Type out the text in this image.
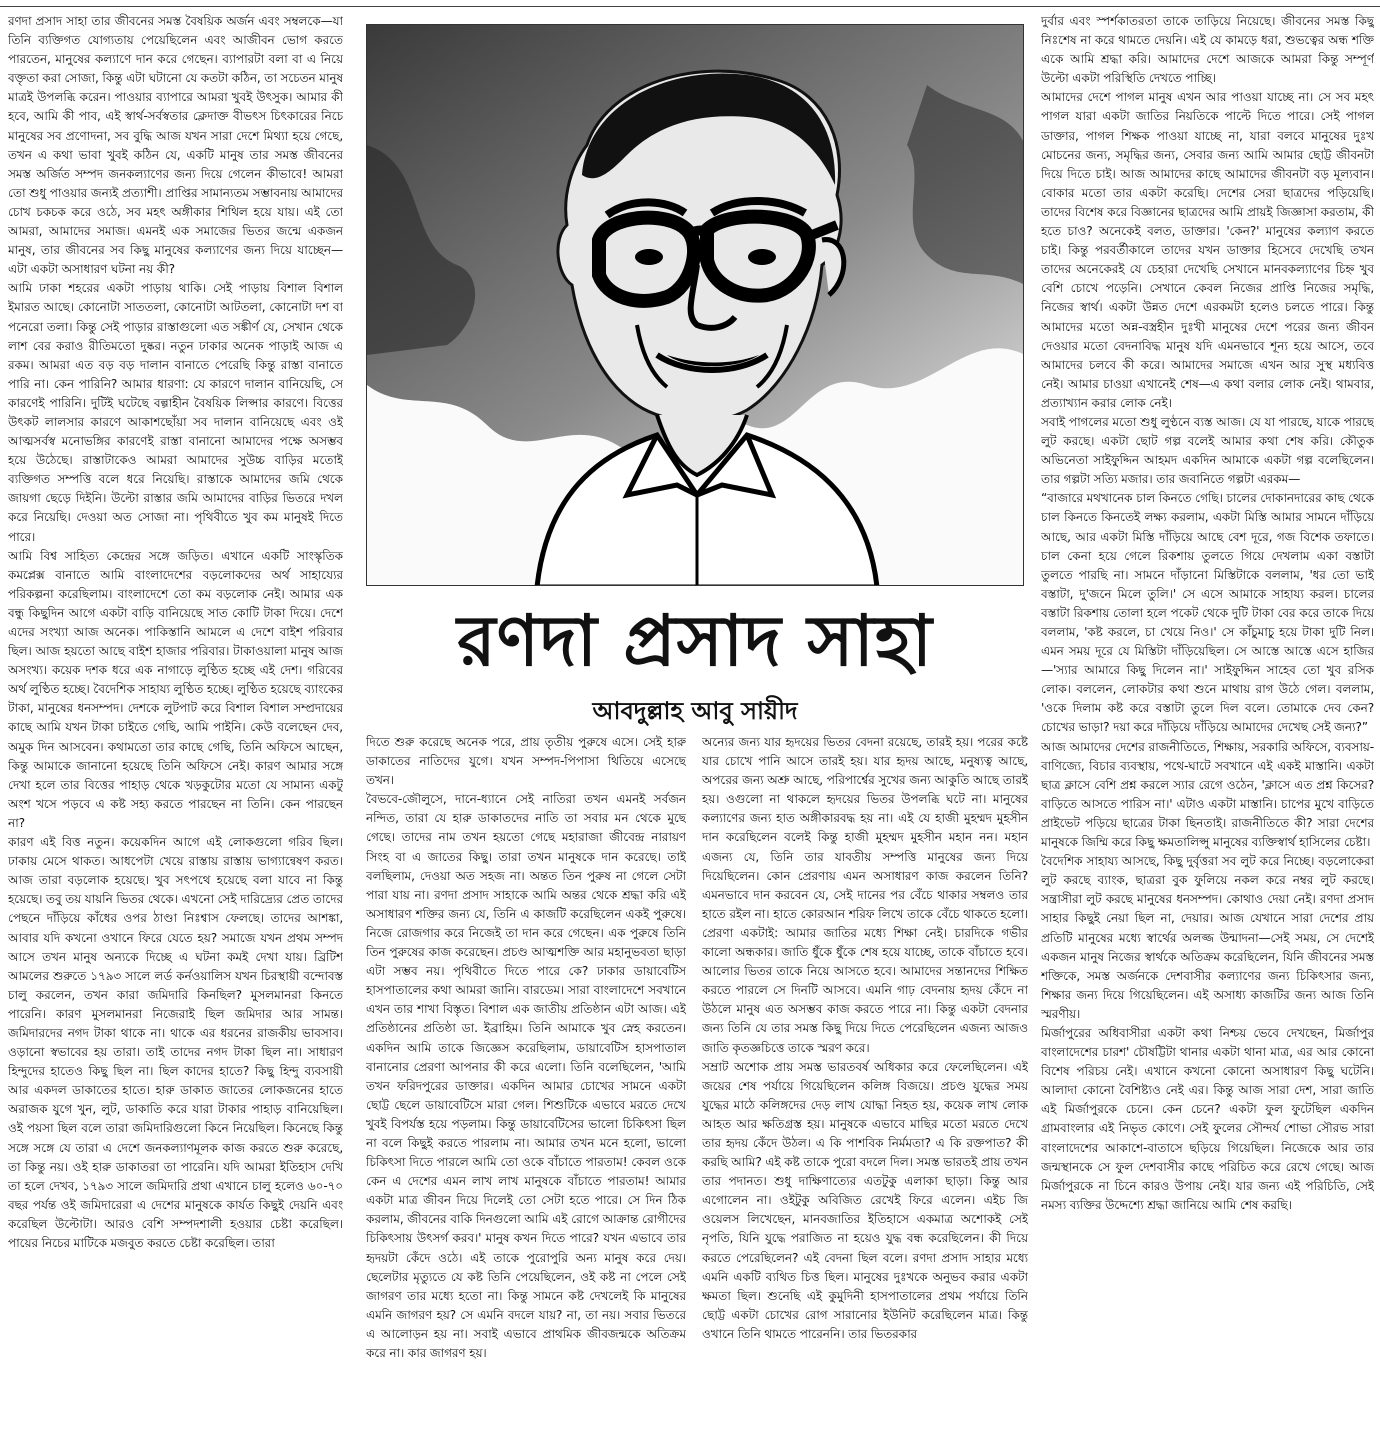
রণদা প্রসাদ সাহা তার জীবনের সমস্ত বৈষয়িক অর্জন এবং সম্বলকে—যা তিনি ব্যক্তিগত যোগ্যতায় পেয়েছিলেন এবং আজীবন ভোগ করতে পারতেন, মানুষের কল্যাণে দান করে গেছেন। ব্যাপারটা বলা বা এ নিয়ে বক্তৃতা করা সোজা, কিন্তু এটা ঘটানো যে কতটা কঠিন, তা সচেতন মানুষ মাত্রই উপলব্ধি করেন। পাওয়ার ব্যাপারে আমরা খুবই উৎসুক। আমার কী হবে, আমি কী পাব, এই স্বার্থ-সর্বস্বতার ক্লেদাক্ত বীভৎস চিৎকারের নিচে মানুষের সব প্রণোদনা, সব বুদ্ধি আজ যখন সারা দেশে মিথ্যা হয়ে গেছে, তখন এ কথা ভাবা খুবই কঠিন যে, একটি মানুষ তার সমস্ত জীবনের সমস্ত অর্জিত সম্পদ জনকল্যাণের জন্য দিয়ে গেলেন কীভাবে! আমরা তো শুধু পাওয়ার জন্যই প্রত্যাশী। প্রাপ্তির সামান্যতম সম্ভাবনায় আমাদের চোখ চকচক করে ওঠে, সব মহৎ অঙ্গীকার শিথিল হয়ে যায়। এই তো আমরা, আমাদের সমাজ। এমনই এক সমাজের ভিতর জন্মে একজন মানুষ, তার জীবনের সব কিছু মানুষের কল্যাণের জন্য দিয়ে যাচ্ছেন—এটা একটা অসাধারণ ঘটনা নয় কী?
আমি ঢাকা শহরের একটা পাড়ায় থাকি। সেই পাড়ায় বিশাল বিশাল ইমারত আছে। কোনোটা সাততলা, কোনোটা আটতলা, কোনোটা দশ বা পনেরো তলা। কিন্তু সেই পাড়ার রাস্তাগুলো এত সঙ্কীর্ণ যে, সেখান থেকে লাশ বের করাও রীতিমতো দুষ্কর। নতুন ঢাকার অনেক পাড়াই আজ এ রকম। আমরা এত বড় বড় দালান বানাতে পেরেছি কিন্তু রাস্তা বানাতে পারি না। কেন পারিনি? আমার ধারণা: যে কারণে দালান বানিয়েছি, সে কারণেই পারিনি। দুটিই ঘটেছে বল্গাহীন বৈষয়িক লিপ্সার কারণে। বিত্তের উৎকট লালসার কারণে আকাশছোঁয়া সব দালান বানিয়েছে এবং ওই আত্মসর্বস্ব মনোভঙ্গির কারণেই রাস্তা বানানো আমাদের পক্ষে অসম্ভব হয়ে উঠেছে। রাস্তাটাকেও আমরা আমাদের সুউচ্চ বাড়ির মতোই ব্যক্তিগত সম্পত্তি বলে ধরে নিয়েছি। রাস্তাকে আমাদের জমি থেকে জায়গা ছেড়ে দিইনি। উল্টো রাস্তার জমি আমাদের বাড়ির ভিতরে দখল করে নিয়েছি। দেওয়া অত সোজা না। পৃথিবীতে খুব কম মানুষই দিতে পারে।
আমি বিশ্ব সাহিত্য কেন্দ্রের সঙ্গে জড়িত। এখানে একটি সাংস্কৃতিক কমপ্লেক্স বানাতে আমি বাংলাদেশের বড়লোকদের অর্থ সাহায্যের পরিকল্পনা করেছিলাম। বাংলাদেশে তো কম বড়লোক নেই। আমার এক বন্ধু কিছুদিন আগে একটা বাড়ি বানিয়েছে সাত কোটি টাকা দিয়ে। দেশে এদের সংখ্যা আজ অনেক। পাকিস্তানি আমলে এ দেশে বাইশ পরিবার ছিল। আজ হয়তো আছে বাইশ হাজার পরিবার। টাকাওয়ালা মানুষ আজ অসংখ্য। কয়েক দশক ধরে এক নাগাড়ে লুণ্ঠিত হচ্ছে এই দেশ। গরিবের অর্থ লুণ্ঠিত হচ্ছে। বৈদেশিক সাহায্য লুণ্ঠিত হচ্ছে। লুণ্ঠিত হয়েছে ব্যাংকের টাকা, মানুষের ধনসম্পদ। দেশকে লুটপাট করে বিশাল বিশাল সম্প্রদায়ের কাছে আমি যখন টাকা চাইতে গেছি, আমি পাইনি। কেউ বলেছেন দেব, অমুক দিন আসবেন। কথামতো তার কাছে গেছি, তিনি অফিসে আছেন, কিন্তু আমাকে জানানো হয়েছে তিনি অফিসে নেই। কারণ আমার সঙ্গে দেখা হলে তার বিত্তের পাহাড় থেকে খড়কুটোর মতো যে সামান্য একটু অংশ খসে পড়বে এ কষ্ট সহ্য করতে পারছেন না তিনি। কেন পারছেন না?
কারণ এই বিত্ত নতুন। কয়েকদিন আগে এই লোকগুলো গরিব ছিল। ঢাকায় মেসে থাকত। আধপেটা খেয়ে রাস্তায় রাস্তায় ভাগ্যান্বেষণ করত। আজ তারা বড়লোক হয়েছে। খুব সৎপথে হয়েছে বলা যাবে না কিন্তু হয়েছে। তবু তয় যায়নি ভিতর থেকে। এখনো সেই দারিদ্র্যের প্রেত তাদের পেছনে দাঁড়িয়ে কাঁধের ওপর ঠাণ্ডা নিঃশ্বাস ফেলছে। তাদের আশঙ্কা, আবার যদি কখনো ওখানে ফিরে যেতে হয়? সমাজে যখন প্রথম সম্পদ আসে তখন মানুষ অন্যকে দিচ্ছে এ ঘটনা কমই দেখা যায়। ব্রিটিশ আমলের শুরুতে ১৭৯৩ সালে লর্ড কর্নওয়ালিস যখন চিরস্থায়ী বন্দোবস্ত চালু করলেন, তখন কারা জমিদারি কিনছিল? মুসলমানরা কিনতে পারেনি। কারণ মুসলমানরা নিজেরাই ছিল জমিদার আর সামন্ত। জমিদারদের নগদ টাকা থাকে না। থাকে এর ধরনের রাজকীয় ভাবসাব। ওড়ানো স্বভাবের হয় তারা। তাই তাদের নগদ টাকা ছিল না। সাধারণ হিন্দুদের হাতেও কিছু ছিল না। ছিল কাদের হাতে? কিছু হিন্দু ব্যবসায়ী আর একদল ডাকাতের হাতে। হারু ডাকাত জাতের লোকজনের হাতে অরাজক যুগে খুন, লুট, ডাকাতি করে যারা টাকার পাহাড় বানিয়েছিল। ওই পয়সা ছিল বলে তারা জমিদারিগুলো কিনে নিয়েছিল। কিনেছে কিন্তু সঙ্গে সঙ্গে যে তারা এ দেশে জনকল্যাণমূলক কাজ করতে শুরু করেছে, তা কিন্তু নয়। ওই হারু ডাকাতরা তা পারেনি। যদি আমরা ইতিহাস দেখি তা হলে দেখব, ১৭৯৩ সালে জমিদারি প্রথা এখানে চালু হলেও ৬০-৭০ বছর পর্যন্ত ওই জমিদারেরা এ দেশের মানুষকে কার্যত কিছুই দেয়নি এবং করেছিল উল্টোটা। আরও বেশি সম্পদশালী হওয়ার চেষ্টা করেছিল। পায়ের নিচের মাটিকে মজবুত করতে চেষ্টা করেছিল। তারা

রণদা প্রসাদ সাহা
আবদুল্লাহ আবু সায়ীদ

দিতে শুরু করেছে অনেক পরে, প্রায় তৃতীয় পুরুষে এসে। সেই হারু ডাকাতের নাতিদের যুগে। যখন সম্পদ-পিপাসা থিতিয়ে এসেছে তখন।
বৈভবে-জৌলুসে, দানে-ধ্যানে সেই নাতিরা তখন এমনই সর্বজন নন্দিত, তারা যে হারু ডাকাতদের নাতি তা সবার মন থেকে মুছে গেছে। তাদের নাম তখন হয়তো গেছে মহারাজা জীবেন্দ্র নারায়ণ সিংহ বা এ জাতের কিছু। তারা তখন মানুষকে দান করেছে। তাই বলছিলাম, দেওয়া অত সহজ না। অন্তত তিন পুরুষ না গেলে সেটা পারা যায় না। রণদা প্রসাদ সাহাকে আমি অন্তর থেকে শ্রদ্ধা করি এই অসাধারণ শক্তির জন্য যে, তিনি এ কাজটি করেছিলেন একই পুরুষে। নিজে রোজগার করে নিজেই তা দান করে গেছেন। এক পুরুষে তিনি তিন পুরুষের কাজ করেছেন। প্রচণ্ড আত্মশক্তি আর মহানুভবতা ছাড়া এটা সম্ভব নয়। পৃথিবীতে দিতে পারে কে? ঢাকার ডায়াবেটিস হাসপাতালের কথা আমরা জানি। বারডেম। সারা বাংলাদেশে সবখানে এখন তার শাখা বিস্তৃত। বিশাল এক জাতীয় প্রতিষ্ঠান এটা আজ। এই প্রতিষ্ঠানের প্রতিষ্ঠা ডা. ইব্রাহিম। তিনি আমাকে খুব স্নেহ করতেন। একদিন আমি তাকে জিজ্ঞেস করেছিলাম, ডায়াবেটিস হাসপাতাল বানানোর প্রেরণা আপনার কী করে এলো। তিনি বলেছিলেন, 'আমি তখন ফরিদপুরের ডাক্তার। একদিন আমার চোখের সামনে একটা ছোট্ট ছেলে ডায়াবেটিসে মারা গেল। শিশুটিকে এভাবে মরতে দেখে খুবই বিপর্যস্ত হয়ে পড়লাম। কিন্তু ডায়াবেটিসের ভালো চিকিৎসা ছিল না বলে কিছুই করতে পারলাম না। আমার তখন মনে হলো, ভালো চিকিৎসা দিতে পারলে আমি তো ওকে বাঁচাতে পারতাম! কেবল ওকে কেন এ দেশের এমন লাখ লাখ মানুষকে বাঁচাতে পারতাম! আমার একটা মাত্র জীবন দিয়ে দিলেই তো সেটা হতে পারে। সে দিন ঠিক করলাম, জীবনের বাকি দিনগুলো আমি এই রোগে আক্রান্ত রোগীদের চিকিৎসায় উৎসর্গ করব।' মানুষ কখন দিতে পারে? যখন এভাবে তার হৃদয়টা কেঁদে ওঠে। এই তাকে পুরোপুরি অন্য মানুষ করে দেয়। ছেলেটার মৃত্যুতে যে কষ্ট তিনি পেয়েছিলেন, ওই কষ্ট না পেলে সেই জাগরণ তার মধ্যে হতো না। কিন্তু সামনে কষ্ট দেখলেই কি মানুষের এমনি জাগরণ হয়? সে এমনি বদলে যায়? না, তা নয়। সবার ভিতরে এ আলোড়ন হয় না। সবাই এভাবে প্রাথমিক জীবজন্মকে অতিক্রম করে না। কার জাগরণ হয়।

অন্যের জন্য যার হৃদয়ের ভিতর বেদনা রয়েছে, তারই হয়। পরের কষ্টে যার চোখে পানি আসে তারই হয়। যার হৃদয় আছে, মনুষ্যত্ব আছে, অপরের জন্য অশ্রু আছে, পরিপার্শ্বের সুখের জন্য আকুতি আছে তারই হয়। ওগুলো না থাকলে হৃদয়ের ভিতর উপলব্ধি ঘটে না। মানুষের কল্যাণের জন্য হাত অঙ্গীকারবদ্ধ হয় না। এই যে হাজী মুহম্মদ মুহসীন দান করেছিলেন বলেই কিন্তু হাজী মুহম্মদ মুহসীন মহান নন। মহান এজন্য যে, তিনি তার যাবতীয় সম্পত্তি মানুষের জন্য দিয়ে দিয়েছিলেন। কোন প্রেরণায় এমন অসাধারণ কাজ করলেন তিনি? এমনভাবে দান করবেন যে, সেই দানের পর বেঁচে থাকার সম্বলও তার হাতে রইল না। হাতে কোরআন শরিফ লিখে তাকে বেঁচে থাকতে হলো। প্রেরণা একটাই: আমার জাতির মধ্যে শিক্ষা নেই। চারদিকে গভীর কালো অন্ধকার। জাতি ধুঁকে ধুঁকে শেষ হয়ে যাচ্ছে, তাকে বাঁচাতে হবে। আলোর ভিতর তাকে নিয়ে আসতে হবে। আমাদের সন্তানদের শিক্ষিত করতে পারলে সে দিনটি আসবে। এমনি গাঢ় বেদনায় হৃদয় কেঁদে না উঠলে মানুষ এত অসম্ভব কাজ করতে পারে না। কিন্তু একটা বেদনার জন্য তিনি যে তার সমস্ত কিছু দিয়ে দিতে পেরেছিলেন এজন্য আজও জাতি কৃতজ্ঞচিত্তে তাকে স্মরণ করে।
সম্রাট অশোক প্রায় সমস্ত ভারতবর্ষ অধিকার করে ফেলেছিলেন। এই জয়ের শেষ পর্যায়ে গিয়েছিলেন কলিঙ্গ বিজয়ে। প্রচণ্ড যুদ্ধের সময় যুদ্ধের মাঠে কলিঙ্গদের দেড় লাখ যোদ্ধা নিহত হয়, কয়েক লাখ লোক আহত আর ক্ষতিগ্রস্ত হয়। মানুষকে এভাবে মাছির মতো মরতে দেখে তার হৃদয় কেঁদে উঠল। এ কি পাশবিক নির্মমতা? এ কি রক্তপাত? কী করছি আমি? এই কষ্ট তাকে পুরো বদলে দিল। সমস্ত ভারতই প্রায় তখন তার পদানত। শুধু দাক্ষিণাত্যের এতটুকু এলাকা ছাড়া। কিন্তু আর এগোলেন না। ওইটুকু অবিজিত রেখেই ফিরে এলেন। এইচ জি ওয়েলস লিখেছেন, মানবজাতির ইতিহাসে একমাত্র অশোকই সেই নৃপতি, যিনি যুদ্ধে পরাজিত না হয়েও যুদ্ধ বন্ধ করেছিলেন। কী দিয়ে করতে পেরেছিলেন? এই বেদনা ছিল বলে। রণদা প্রসাদ সাহার মধ্যে এমনি একটি ব্যথিত চিত্ত ছিল। মানুষের দুঃখকে অনুভব করার একটা ক্ষমতা ছিল। শুনেছি এই কুমুদিনী হাসপাতালের প্রথম পর্যায়ে তিনি ছোট্ট একটা চোখের রোগ সারানোর ইউনিট করেছিলেন মাত্র। কিন্তু ওখানে তিনি থামতে পারেননি। তার ভিতরকার

দুর্বার এবং স্পর্শকাতরতা তাকে তাড়িয়ে নিয়েছে। জীবনের সমস্ত কিছু নিঃশেষ না করে থামতে দেয়নি। এই যে কামড়ে ধরা, শুভত্বের অন্ধ শক্তি একে আমি শ্রদ্ধা করি। আমাদের দেশে আজকে আমরা কিন্তু সম্পূর্ণ উল্টো একটা পরিস্থিতি দেখতে পাচ্ছি।
আমাদের দেশে পাগল মানুষ এখন আর পাওয়া যাচ্ছে না। সে সব মহৎ পাগল যারা একটা জাতির নিয়তিকে পাল্টে দিতে পারে। সেই পাগল ডাক্তার, পাগল শিক্ষক পাওয়া যাচ্ছে না, যারা বলবে মানুষের দুঃখ মোচনের জন্য, সমৃদ্ধির জন্য, সেবার জন্য আমি আমার ছোট্ট জীবনটা দিয়ে দিতে চাই। আজ আমাদের কাছে আমাদের জীবনটা বড় মূল্যবান। বোকার মতো তার একটা করেছি। দেশের সেরা ছাত্রদের পড়িয়েছি। তাদের বিশেষ করে বিজ্ঞানের ছাত্রদের আমি প্রায়ই জিজ্ঞাসা করতাম, কী হতে চাও? অনেকেই বলত, ডাক্তার। 'কেন?' মানুষের কল্যাণ করতে চাই। কিন্তু পরবর্তীকালে তাদের যখন ডাক্তার হিসেবে দেখেছি তখন তাদের অনেকেরই যে চেহারা দেখেছি সেখানে মানবকল্যাণের চিহ্ন খুব বেশি চোখে পড়েনি। সেখানে কেবল নিজের প্রাপ্তি নিজের সমৃদ্ধি, নিজের স্বার্থ। একটা উন্নত দেশে এরকমটা হলেও চলতে পারে। কিন্তু আমাদের মতো অন্ন-বস্ত্রহীন দুঃখী মানুষের দেশে পরের জন্য জীবন দেওয়ার মতো বেদনাবিদ্ধ মানুষ যদি এমনভাবে শূন্য হয়ে আসে, তবে আমাদের চলবে কী করে। আমাদের সমাজে এখন আর সুস্থ মধ্যবিত্ত নেই। আমার চাওয়া এখানেই শেষ—এ কথা বলার লোক নেই। থামবার, প্রত্যাখ্যান করার লোক নেই।
সবাই পাগলের মতো শুধু লুণ্ঠনে ব্যস্ত আজ। যে যা পারছে, যাকে পারছে লুট করছে। একটা ছোট গল্প বলেই আমার কথা শেষ করি। কৌতুক অভিনেতা সাইফুদ্দিন আহমদ একদিন আমাকে একটা গল্প বলেছিলেন। তার গল্পটা সত্যি মজার। তার জবানিতে গল্পটা এরকম—
“বাজারে মথখানেক চাল কিনতে গেছি। চালের দোকানদারের কাছ থেকে চাল কিনতে কিনতেই লক্ষ্য করলাম, একটা মিস্তি আমার সামনে দাঁড়িয়ে আছে, আর একটা মিস্তি দাঁড়িয়ে আছে বেশ দূরে, গজ বিশেক তফাতে। চাল কেনা হয়ে গেলে রিকশায় তুলতে গিয়ে দেখলাম একা বস্তাটা তুলতে পারছি না। সামনে দাঁড়ানো মিস্তিটাকে বললাম, 'ধর তো ভাই বস্তাটা, দু'জনে মিলে তুলি।' সে এসে আমাকে সাহায্য করল। চালের বস্তাটা রিকশায় তোলা হলে পকেট থেকে দুটি টাকা বের করে তাকে দিয়ে বললাম, 'কষ্ট করলে, চা খেয়ে নিও।' সে কাঁচুমাচু হয়ে টাকা দুটি নিল। এমন সময় দূরে যে মিস্তিটা দাঁড়িয়েছিল। সে আস্তে আস্তে এসে হাজির—'স্যার আমারে কিছু দিলেন না।' সাইফুদ্দিন সাহেব তো খুব রসিক লোক। বললেন, লোকটার কথা শুনে মাথায় রাগ উঠে গেল। বললাম, 'ওকে দিলাম কষ্ট করে বস্তাটা তুলে দিল বলে। তোমাকে দেব কেন? চোখের ভাড়া? দয়া করে দাঁড়িয়ে দাঁড়িয়ে আমাদের দেখেছ সেই জন্য?”
আজ আমাদের দেশের রাজনীতিতে, শিক্ষায়, সরকারি অফিসে, ব্যবসায়-বাণিজ্যে, বিচার ব্যবস্থায়, পথে-ঘাটে সবখানে এই একই মাস্তানি। একটা ছাত্র ক্লাসে বেশি প্রশ্ন করলে স্যার রেগে ওঠেন, 'ক্লাসে এত প্রশ্ন কিসের? বাড়িতে আসতে পারিস না।' এটাও একটা মাস্তানি। চাপের মুখে বাড়িতে প্রাইভেট পড়িয়ে ছাত্রের টাকা ছিনতাই। রাজনীতিতে কী? সারা দেশের মানুষকে জিম্মি করে কিছু ক্ষমতালিপ্সু মানুষের ব্যক্তিস্বার্থ হাসিলের চেষ্টা।
বৈদেশিক সাহায্য আসছে, কিছু দুর্বৃত্তরা সব লুট করে নিচ্ছে। বড়লোকেরা লুট করছে ব্যাংক, ছাত্ররা বুক ফুলিয়ে নকল করে নম্বর লুট করছে। সন্ত্রাসীরা লুট করছে মানুষের ধনসম্পদ। কোথাও দেয়া নেই। রণদা প্রসাদ সাহার কিছুই নেয়া ছিল না, দেয়ার। আজ যেখানে সারা দেশের প্রায় প্রতিটি মানুষের মধ্যে স্বার্থের অলজ্জ উন্মাদনা—সেই সময়, সে দেশেই একজন মানুষ নিজের স্বার্থকে অতিক্রম করেছিলেন, যিনি জীবনের সমস্ত শক্তিকে, সমস্ত অর্জনকে দেশবাসীর কল্যাণের জন্য চিকিৎসার জন্য, শিক্ষার জন্য দিয়ে গিয়েছিলেন। এই অসাধ্য কাজটির জন্য আজ তিনি স্মরণীয়।
মির্জাপুরের অধিবাসীরা একটা কথা নিশ্চয় ভেবে দেখছেন, মির্জাপুর বাংলাদেশের চারশ' চৌষট্টিটা থানার একটা থানা মাত্র, এর আর কোনো বিশেষ পরিচয় নেই। এখানে কখনো কোনো অসাধারণ কিছু ঘটেনি। আলাদা কোনো বৈশিষ্ট্যও নেই এর। কিন্তু আজ সারা দেশ, সারা জাতি এই মির্জাপুরকে চেনে। কেন চেনে? একটা ফুল ফুটেছিল একদিন গ্রামবাংলার এই নিভৃত কোণে। সেই ফুলের সৌন্দর্য শোভা সৌরভ সারা বাংলাদেশের আকাশে-বাতাসে ছড়িয়ে গিয়েছিল। নিজেকে আর তার জন্মস্থানকে সে ফুল দেশবাসীর কাছে পরিচিত করে রেখে গেছে। আজ মির্জাপুরকে না চিনে কারও উপায় নেই। যার জন্য এই পরিচিতি, সেই নমস্য ব্যক্তির উদ্দেশ্যে শ্রদ্ধা জানিয়ে আমি শেষ করছি।
